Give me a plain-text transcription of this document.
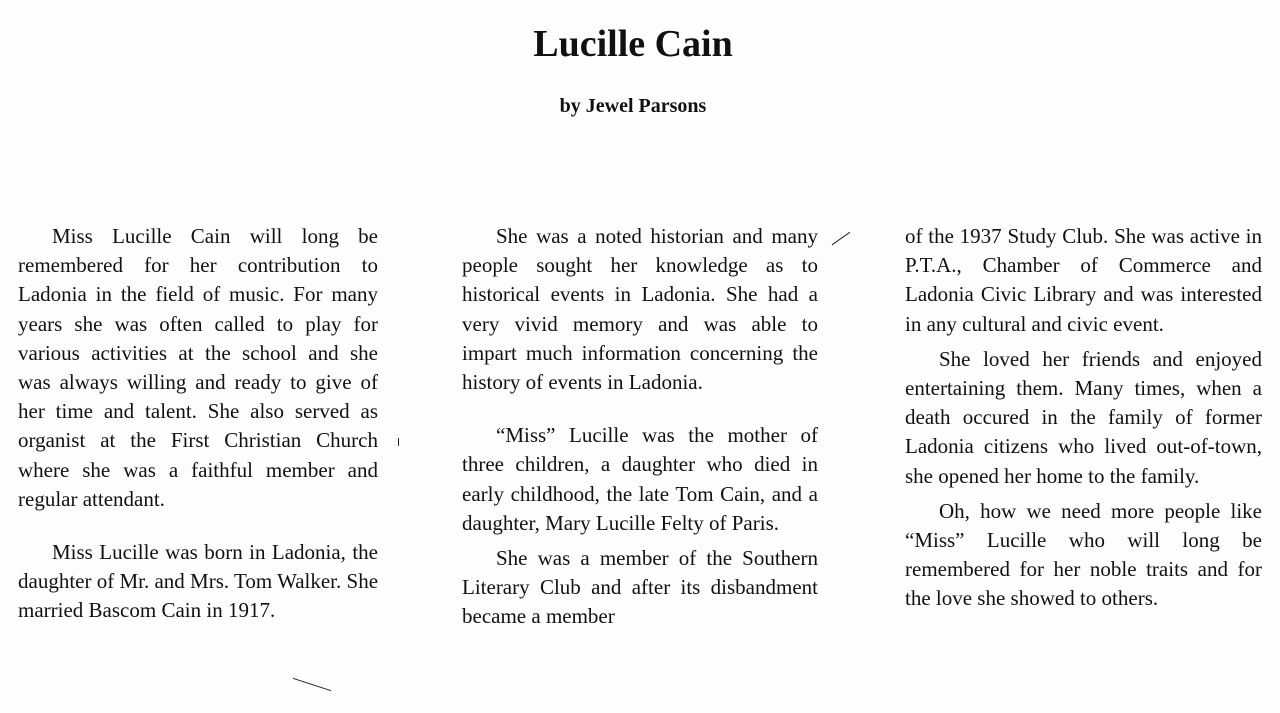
Lucille Cain
by Jewel Parsons

Miss Lucille Cain will long be remembered for her contribution to Ladonia in the field of music. For many years she was often called to play for various activities at the school and she was always willing and ready to give of her time and talent. She also served as organist at the First Christian Church where she was a faithful member and regular attendant.

Miss Lucille was born in Ladonia, the daughter of Mr. and Mrs. Tom Walker. She married Bascom Cain in 1917.

She was a noted historian and many people sought her knowledge as to historical events in Ladonia. She had a very vivid memory and was able to impart much information concerning the history of events in Ladonia.

“Miss” Lucille was the mother of three children, a daughter who died in early childhood, the late Tom Cain, and a daughter, Mary Lucille Felty of Paris.

She was a member of the Southern Literary Club and after its disbandment became a member

of the 1937 Study Club. She was active in P.T.A., Chamber of Commerce and Ladonia Civic Library and was interested in any cultural and civic event.

She loved her friends and enjoyed entertaining them. Many times, when a death occured in the family of former Ladonia citizens who lived out-of-town, she opened her home to the family.

Oh, how we need more people like “Miss” Lucille who will long be remembered for her noble traits and for the love she showed to others.
